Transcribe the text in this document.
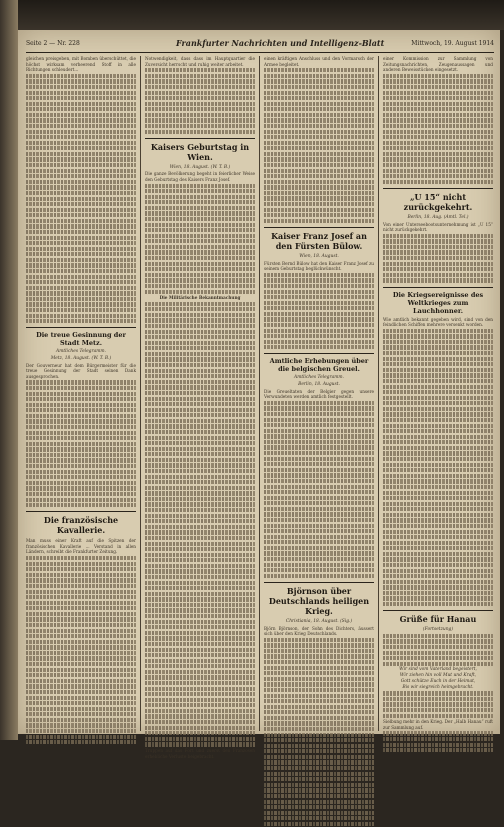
Seite 2 — Nr. 228	Frankfurter Nachrichten und Intelligenz-Blatt	Mittwoch, 19. August 1914

gleichen preisgeben, mit Bomben überschüttet, die höchst wirksam verheerend Stoff in alle Richtungen schleudert...

Die treue Gesinnung der Stadt Metz.
Amtliches Telegramm.
Metz, 18. August. (W. T. B.)

Der Gouverneur hat dem Bürgermeister für die treue Gesinnung der Stadt seinen Dank ausgesprochen.

Die französische Kavallerie.

Man muss einer Kraft auf die Spitzen der französischen Kavallerie ... Verstand in allen Ländern, schreibt die Frankfurter Zeitung.

Notwendigkeit, dass dass im Hauptquartier die Zuversicht herrscht und ruhig weiter arbeitet.

Kaisers Geburtstag in Wien.
Wien, 18. August. (W. T. B.)

Die ganze Bevölkerung begeht in feierlicher Weise den Geburtstag des Kaisers Franz Josef.

Die Militärische Bekanntmachung

Truppen auf das Fort und zuerst den Franzosen erhebliche Verluste beigebracht.

einen kräftigen Anschluss und den Vormarsch der Armee begleitet.

Kaiser Franz Josef an den Fürsten Bülow.
Wien, 18. August.

Fürsten Bernd Bülow hat den Kaiser Franz Josef zu seinem Geburtstag beglückwünscht.

Amtliche Erhebungen über die belgischen Greuel.
Amtliches Telegramm.
Berlin, 18. August.

Die Greueltaten der Belgier gegen unsere Verwundeten werden amtlich festgestellt.

Björnson über Deutschlands heiligen Krieg.
Christiania, 18. August. (Sig.)

Björn Björnson, der Sohn des Dichters, äussert sich über den Krieg Deutschlands.

einer Kommission zur Sammlung von Zeitungsnachrichten, Zeugenaussagen und anderen Beweisstücken eingesetzt.

„U 15“ nicht zurückgekehrt.
Berlin, 18. Aug. (Amtl. Tel.)

Von einer Unterseebootsunternehmung ist „U 15“ nicht zurückgekehrt.

Die Kriegsereignisse des Weltkrieges zum Lauchhonner.

Wie amtlich bekannt gegeben wird, sind von den feindlichen Schiffen mehrere versenkt worden.

Grüße für Hanau
(Fortsetzung)
Wir sind vom Vaterland begeistert,
Wir ziehen hin voll Mut und Kraft,
Gott schütze Euch in der Heimat,
Bis wir siegreich heimgebracht.

Sielbung mehr in den Krieg. Der „Halb Hanau“ ruft zur Sammlung auf.
